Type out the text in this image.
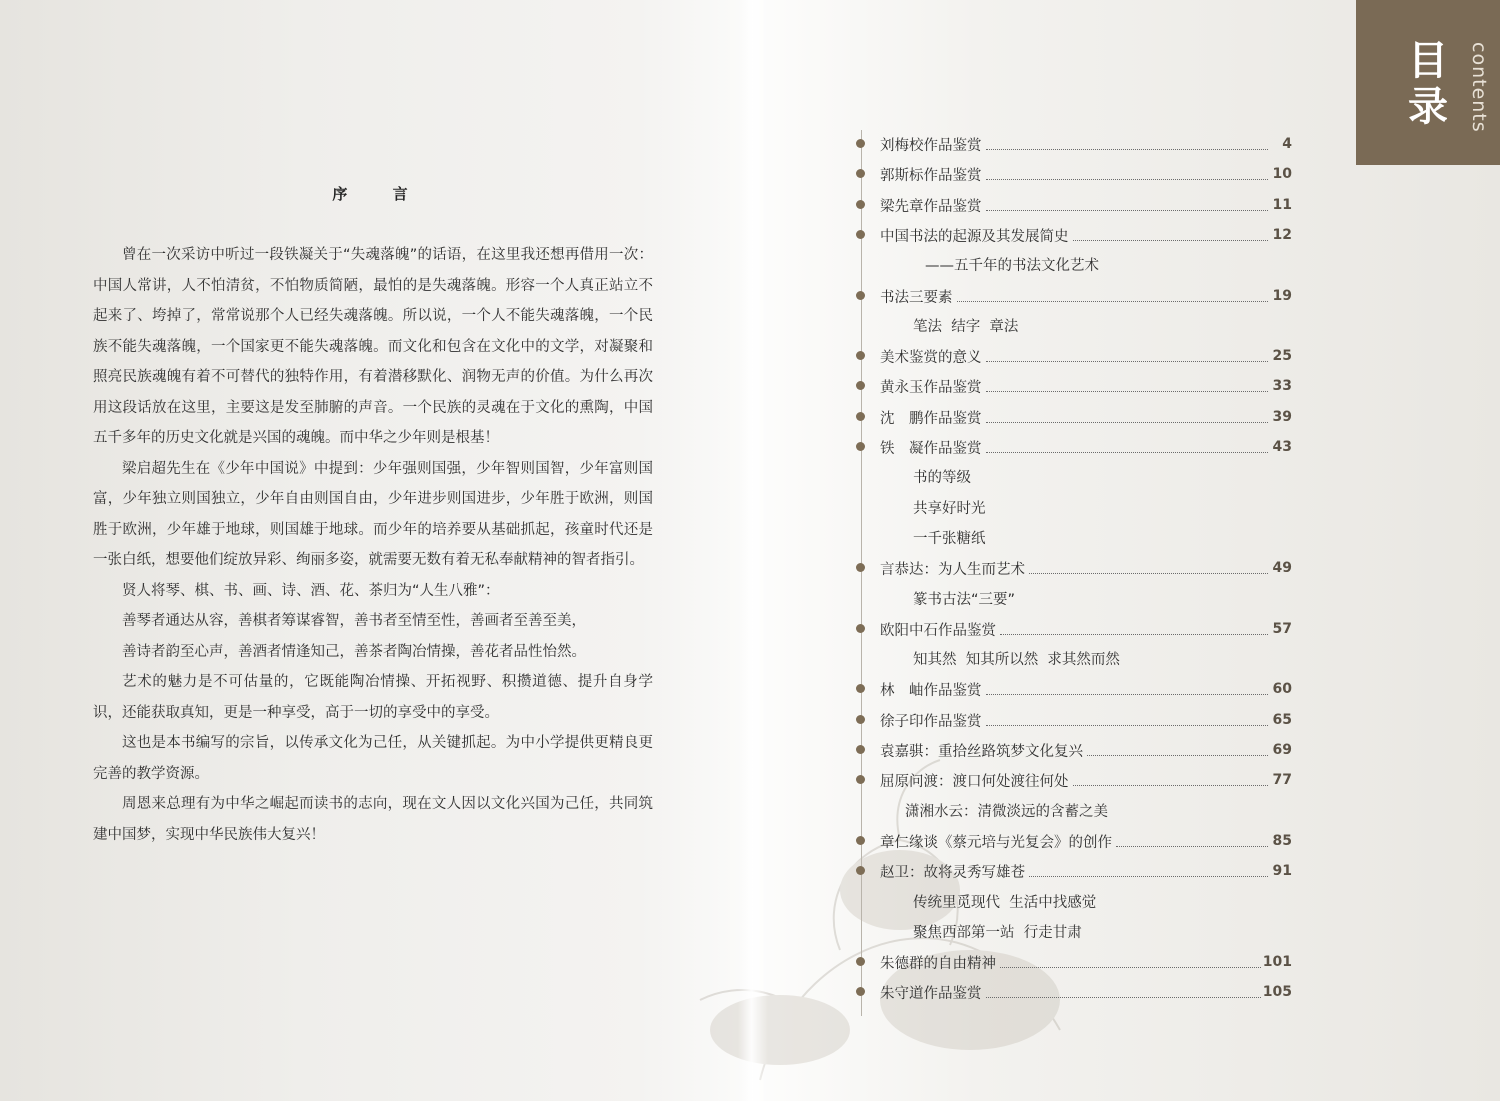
序 言

曾在一次采访中听过一段铁凝关于“失魂落魄”的话语，在这里我还想再借用一次：中国人常讲，人不怕清贫，不怕物质简陋，最怕的是失魂落魄。形容一个人真正站立不起来了、垮掉了，常常说那个人已经失魂落魄。所以说，一个人不能失魂落魄，一个民族不能失魂落魄，一个国家更不能失魂落魄。而文化和包含在文化中的文学，对凝聚和照亮民族魂魄有着不可替代的独特作用，有着潜移默化、润物无声的价值。为什么再次用这段话放在这里，主要这是发至肺腑的声音。一个民族的灵魂在于文化的熏陶，中国五千多年的历史文化就是兴国的魂魄。而中华之少年则是根基！

梁启超先生在《少年中国说》中提到：少年强则国强，少年智则国智，少年富则国富，少年独立则国独立，少年自由则国自由，少年进步则国进步，少年胜于欧洲，则国胜于欧洲，少年雄于地球，则国雄于地球。而少年的培养要从基础抓起，孩童时代还是一张白纸，想要他们绽放异彩、绚丽多姿，就需要无数有着无私奉献精神的智者指引。

贤人将琴、棋、书、画、诗、酒、花、茶归为“人生八雅”：

善琴者通达从容，善棋者筹谋睿智，善书者至情至性，善画者至善至美，

善诗者韵至心声，善酒者情逢知己，善茶者陶冶情操，善花者品性怡然。

艺术的魅力是不可估量的，它既能陶冶情操、开拓视野、积攒道德、提升自身学识，还能获取真知，更是一种享受，高于一切的享受中的享受。

这也是本书编写的宗旨，以传承文化为己任，从关键抓起。为中小学提供更精良更完善的教学资源。

周恩来总理有为中华之崛起而读书的志向，现在文人因以文化兴国为己任，共同筑建中国梦，实现中华民族伟大复兴！

目录	contents
刘梅校作品鉴赏	4
郭斯标作品鉴赏	10
梁先章作品鉴赏	11
中国书法的起源及其发展简史	12
——五千年的书法文化艺术
书法三要素	19
笔法  结字  章法
美术鉴赏的意义	25
黄永玉作品鉴赏	33
沈　鹏作品鉴赏	39
铁　凝作品鉴赏	43
书的等级
共享好时光
一千张糖纸
言恭达：为人生而艺术	49
篆书古法“三要”
欧阳中石作品鉴赏	57
知其然  知其所以然  求其然而然
林　岫作品鉴赏	60
徐子印作品鉴赏	65
袁嘉骐：重拾丝路筑梦文化复兴	69
屈原问渡：渡口何处渡往何处	77
潇湘水云：清微淡远的含蓄之美
章仁缘谈《蔡元培与光复会》的创作	85
赵卫：故将灵秀写雄苍	91
传统里觅现代  生活中找感觉
聚焦西部第一站  行走甘肃
朱德群的自由精神	101
朱守道作品鉴赏	105
